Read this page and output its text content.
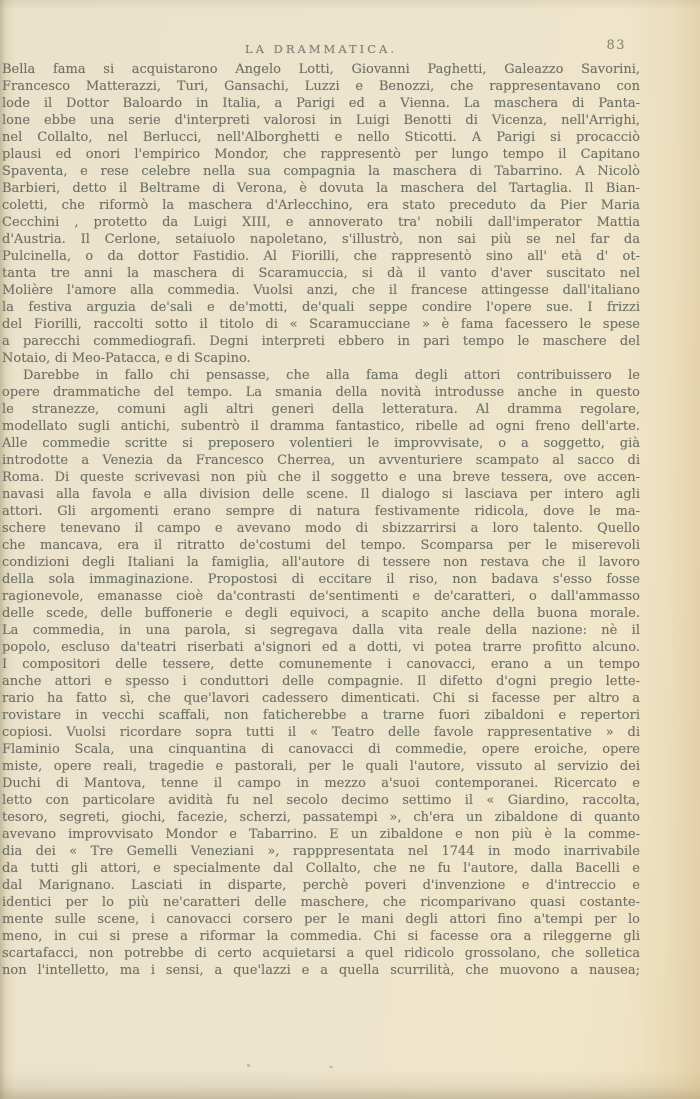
LA DRAMMATICA.	83
Bella fama si acquistarono Angelo Lotti, Giovanni Paghetti, Galeazzo Savorini,
Francesco Matterazzi, Turi, Gansachi, Luzzi e Benozzi, che rappresentavano con
lode il Dottor Baloardo in Italia, a Parigi ed a Vienna. La maschera di Panta-
lone ebbe una serie d'interpreti valorosi in Luigi Benotti di Vicenza, nell'Arrighi,
nel Collalto, nel Berlucci, nell'Alborghetti e nello Sticotti. A Parigi si procacciò
plausi ed onori l'empirico Mondor, che rappresentò per lungo tempo il Capitano
Spaventa, e rese celebre nella sua compagnia la maschera di Tabarrino. A Nicolò
Barbieri, detto il Beltrame di Verona, è dovuta la maschera del Tartaglia. Il Bian-
coletti, che riformò la maschera d'Arlecchino, era stato preceduto da Pier Maria
Cecchini , protetto da Luigi XIII, e annoverato tra' nobili dall'imperator Mattia
d'Austria. Il Cerlone, setaiuolo napoletano, s'illustrò, non sai più se nel far da
Pulcinella, o da dottor Fastidio. Al Fiorilli, che rappresentò sino all' età d' ot-
tanta tre anni la maschera di Scaramuccia, si dà il vanto d'aver suscitato nel
Molière l'amore alla commedia. Vuolsi anzi, che il francese attingesse dall'italiano
la festiva arguzia de'sali e de'motti, de'quali seppe condire l'opere sue. I frizzi
del Fiorilli, raccolti sotto il titolo di « Scaramucciane » è fama facessero le spese
a parecchi commediografi. Degni interpreti ebbero in pari tempo le maschere del
Notaio, di Meo-Patacca, e di Scapino.
Darebbe in fallo chi pensasse, che alla fama degli attori contribuissero le
opere drammatiche del tempo. La smania della novità introdusse anche in questo
le stranezze, comuni agli altri generi della letteratura. Al dramma regolare,
modellato sugli antichi, subentrò il dramma fantastico, ribelle ad ogni freno dell'arte.
Alle commedie scritte si preposero volentieri le improvvisate, o a soggetto, già
introdotte a Venezia da Francesco Cherrea, un avventuriere scampato al sacco di
Roma. Di queste scrivevasi non più che il soggetto e una breve tessera, ove accen-
navasi alla favola e alla division delle scene. Il dialogo si lasciava per intero agli
attori. Gli argomenti erano sempre di natura festivamente ridicola, dove le ma-
schere tenevano il campo e avevano modo di sbizzarrirsi a loro talento. Quello
che mancava, era il ritratto de'costumi del tempo. Scomparsa per le miserevoli
condizioni degli Italiani la famiglia, all'autore di tessere non restava che il lavoro
della sola immaginazione. Propostosi di eccitare il riso, non badava s'esso fosse
ragionevole, emanasse cioè da'contrasti de'sentimenti e de'caratteri, o dall'ammasso
delle scede, delle buffonerie e degli equivoci, a scapito anche della buona morale.
La commedia, in una parola, si segregava dalla vita reale della nazione: nè il
popolo, escluso da'teatri riserbati a'signori ed a dotti, vi potea trarre profitto alcuno.
I compositori delle tessere, dette comunemente i canovacci, erano a un tempo
anche attori e spesso i conduttori delle compagnie. Il difetto d'ogni pregio lette-
rario ha fatto sì, che que'lavori cadessero dimenticati. Chi si facesse per altro a
rovistare in vecchi scaffali, non faticherebbe a trarne fuori zibaldoni e repertori
copiosi. Vuolsi ricordare sopra tutti il « Teatro delle favole rappresentative » di
Flaminio Scala, una cinquantina di canovacci di commedie, opere eroiche, opere
miste, opere reali, tragedie e pastorali, per le quali l'autore, vissuto al servizio dei
Duchi di Mantova, tenne il campo in mezzo a'suoi contemporanei. Ricercato e
letto con particolare avidità fu nel secolo decimo settimo il « Giardino, raccolta,
tesoro, segreti, giochi, facezie, scherzi, passatempi », ch'era un zibaldone di quanto
avevano improvvisato Mondor e Tabarrino. E un zibaldone e non più è la comme-
dia dei « Tre Gemelli Veneziani », rapppresentata nel 1744 in modo inarrivabile
da tutti gli attori, e specialmente dal Collalto, che ne fu l'autore, dalla Bacelli e
dal Marignano. Lasciati in disparte, perchè poveri d'invenzione e d'intreccio e
identici per lo più ne'caratteri delle maschere, che ricomparivano quasi costante-
mente sulle scene, i canovacci corsero per le mani degli attori fino a'tempi per lo
meno, in cui si prese a riformar la commedia. Chi si facesse ora a rileggerne gli
scartafacci, non potrebbe di certo acquietarsi a quel ridicolo grossolano, che solletica
non l'intelletto, ma i sensi, a que'lazzi e a quella scurrilità, che muovono a nausea;
